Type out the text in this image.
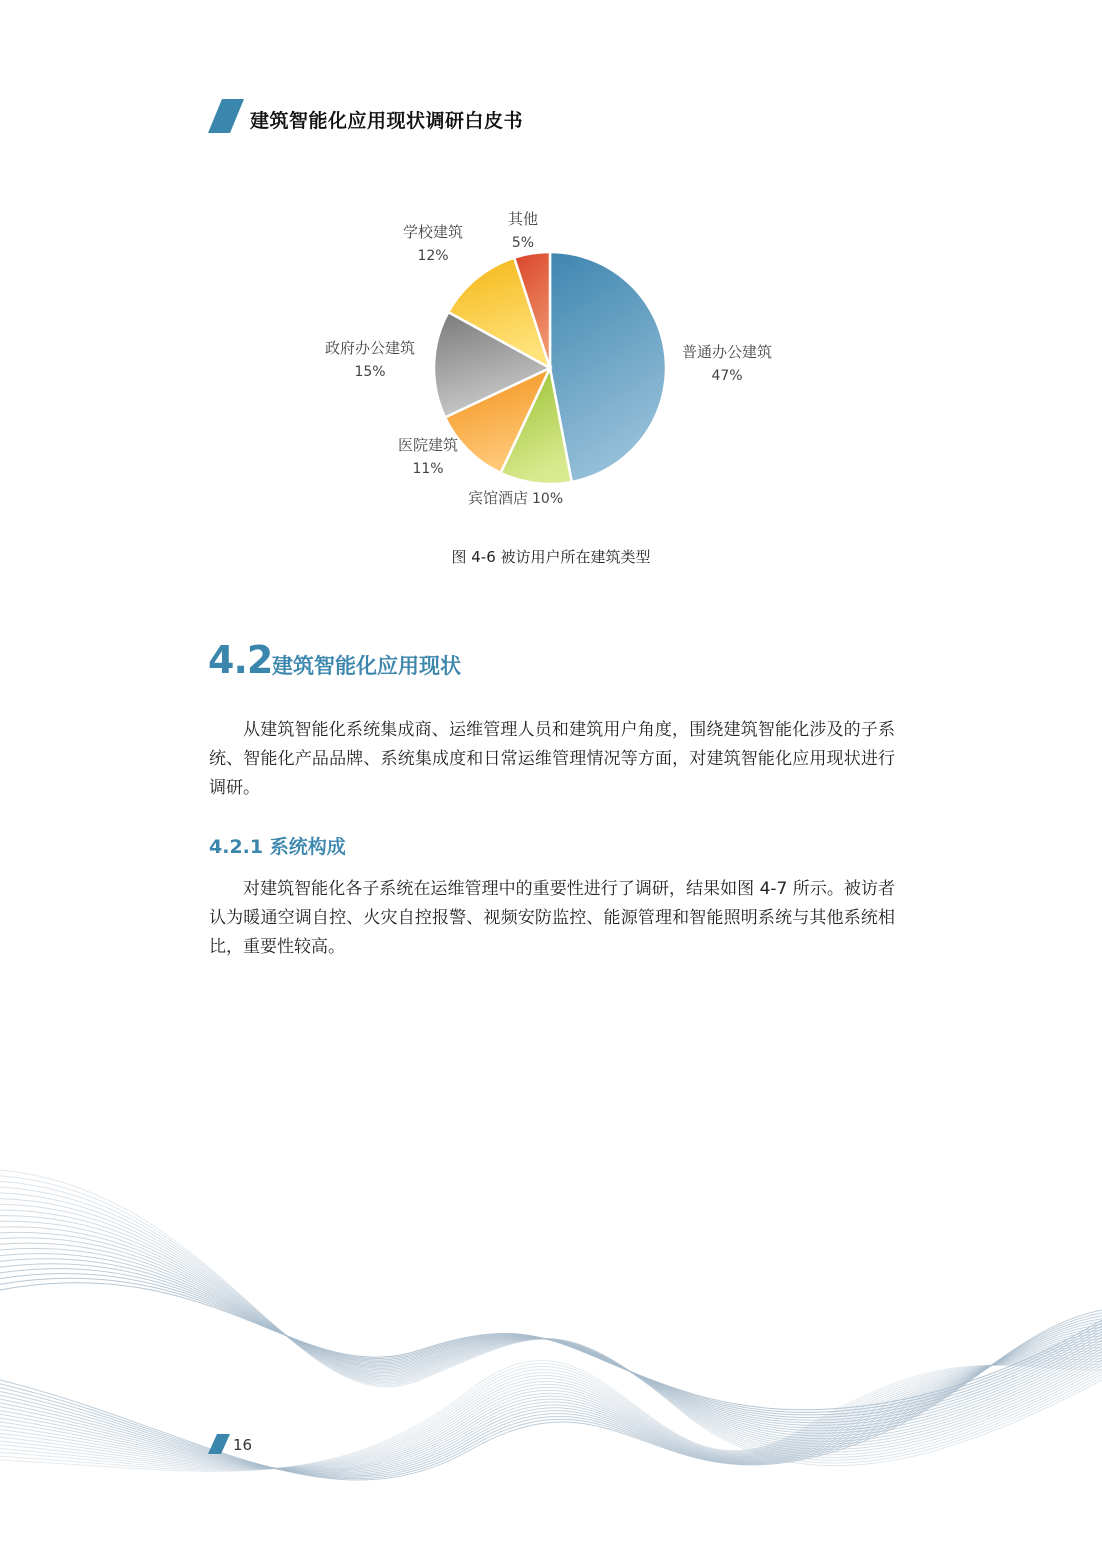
建筑智能化应用现状调研白皮书
普通办公建筑
47%
宾馆酒店 10%
医院建筑
11%
政府办公建筑
15%
学校建筑
12%
其他
5%
图 4-6 被访用户所在建筑类型
4.2 建筑智能化应用现状
从建筑智能化系统集成商、运维管理人员和建筑用户角度，围绕建筑智能化涉及的子系统、智能化产品品牌、系统集成度和日常运维管理情况等方面，对建筑智能化应用现状进行调研。
4.2.1 系统构成
对建筑智能化各子系统在运维管理中的重要性进行了调研，结果如图 4-7 所示。被访者认为暖通空调自控、火灾自控报警、视频安防监控、能源管理和智能照明系统与其他系统相比，重要性较高。
16
